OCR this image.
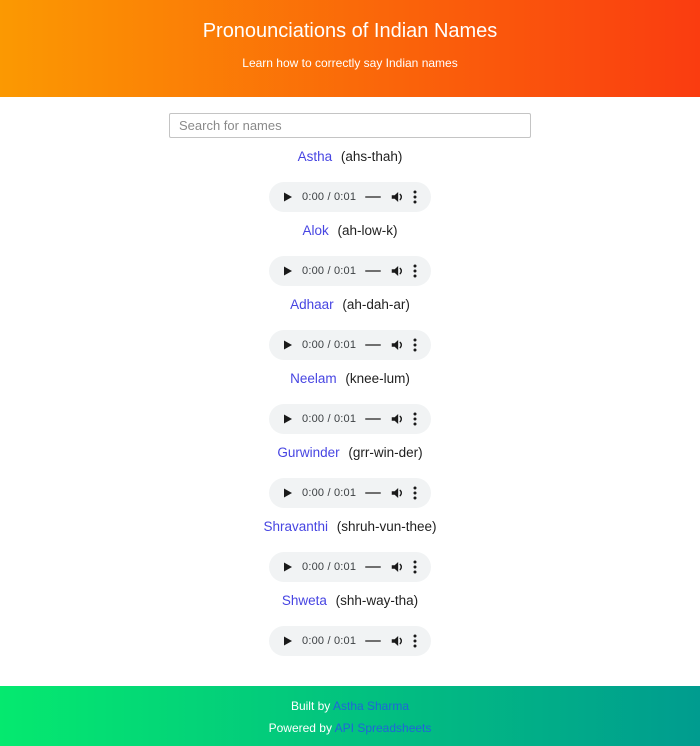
Pronounciations of Indian Names
Learn how to correctly say Indian names
Search for names
Astha (ahs-thah)
0:00 / 0:01
Alok (ah-low-k)
0:00 / 0:01
Adhaar (ah-dah-ar)
0:00 / 0:01
Neelam (knee-lum)
0:00 / 0:01
Gurwinder (grr-win-der)
0:00 / 0:01
Shravanthi (shruh-vun-thee)
0:00 / 0:01
Shweta (shh-way-tha)
0:00 / 0:01
Built by Astha Sharma
Powered by API Spreadsheets
